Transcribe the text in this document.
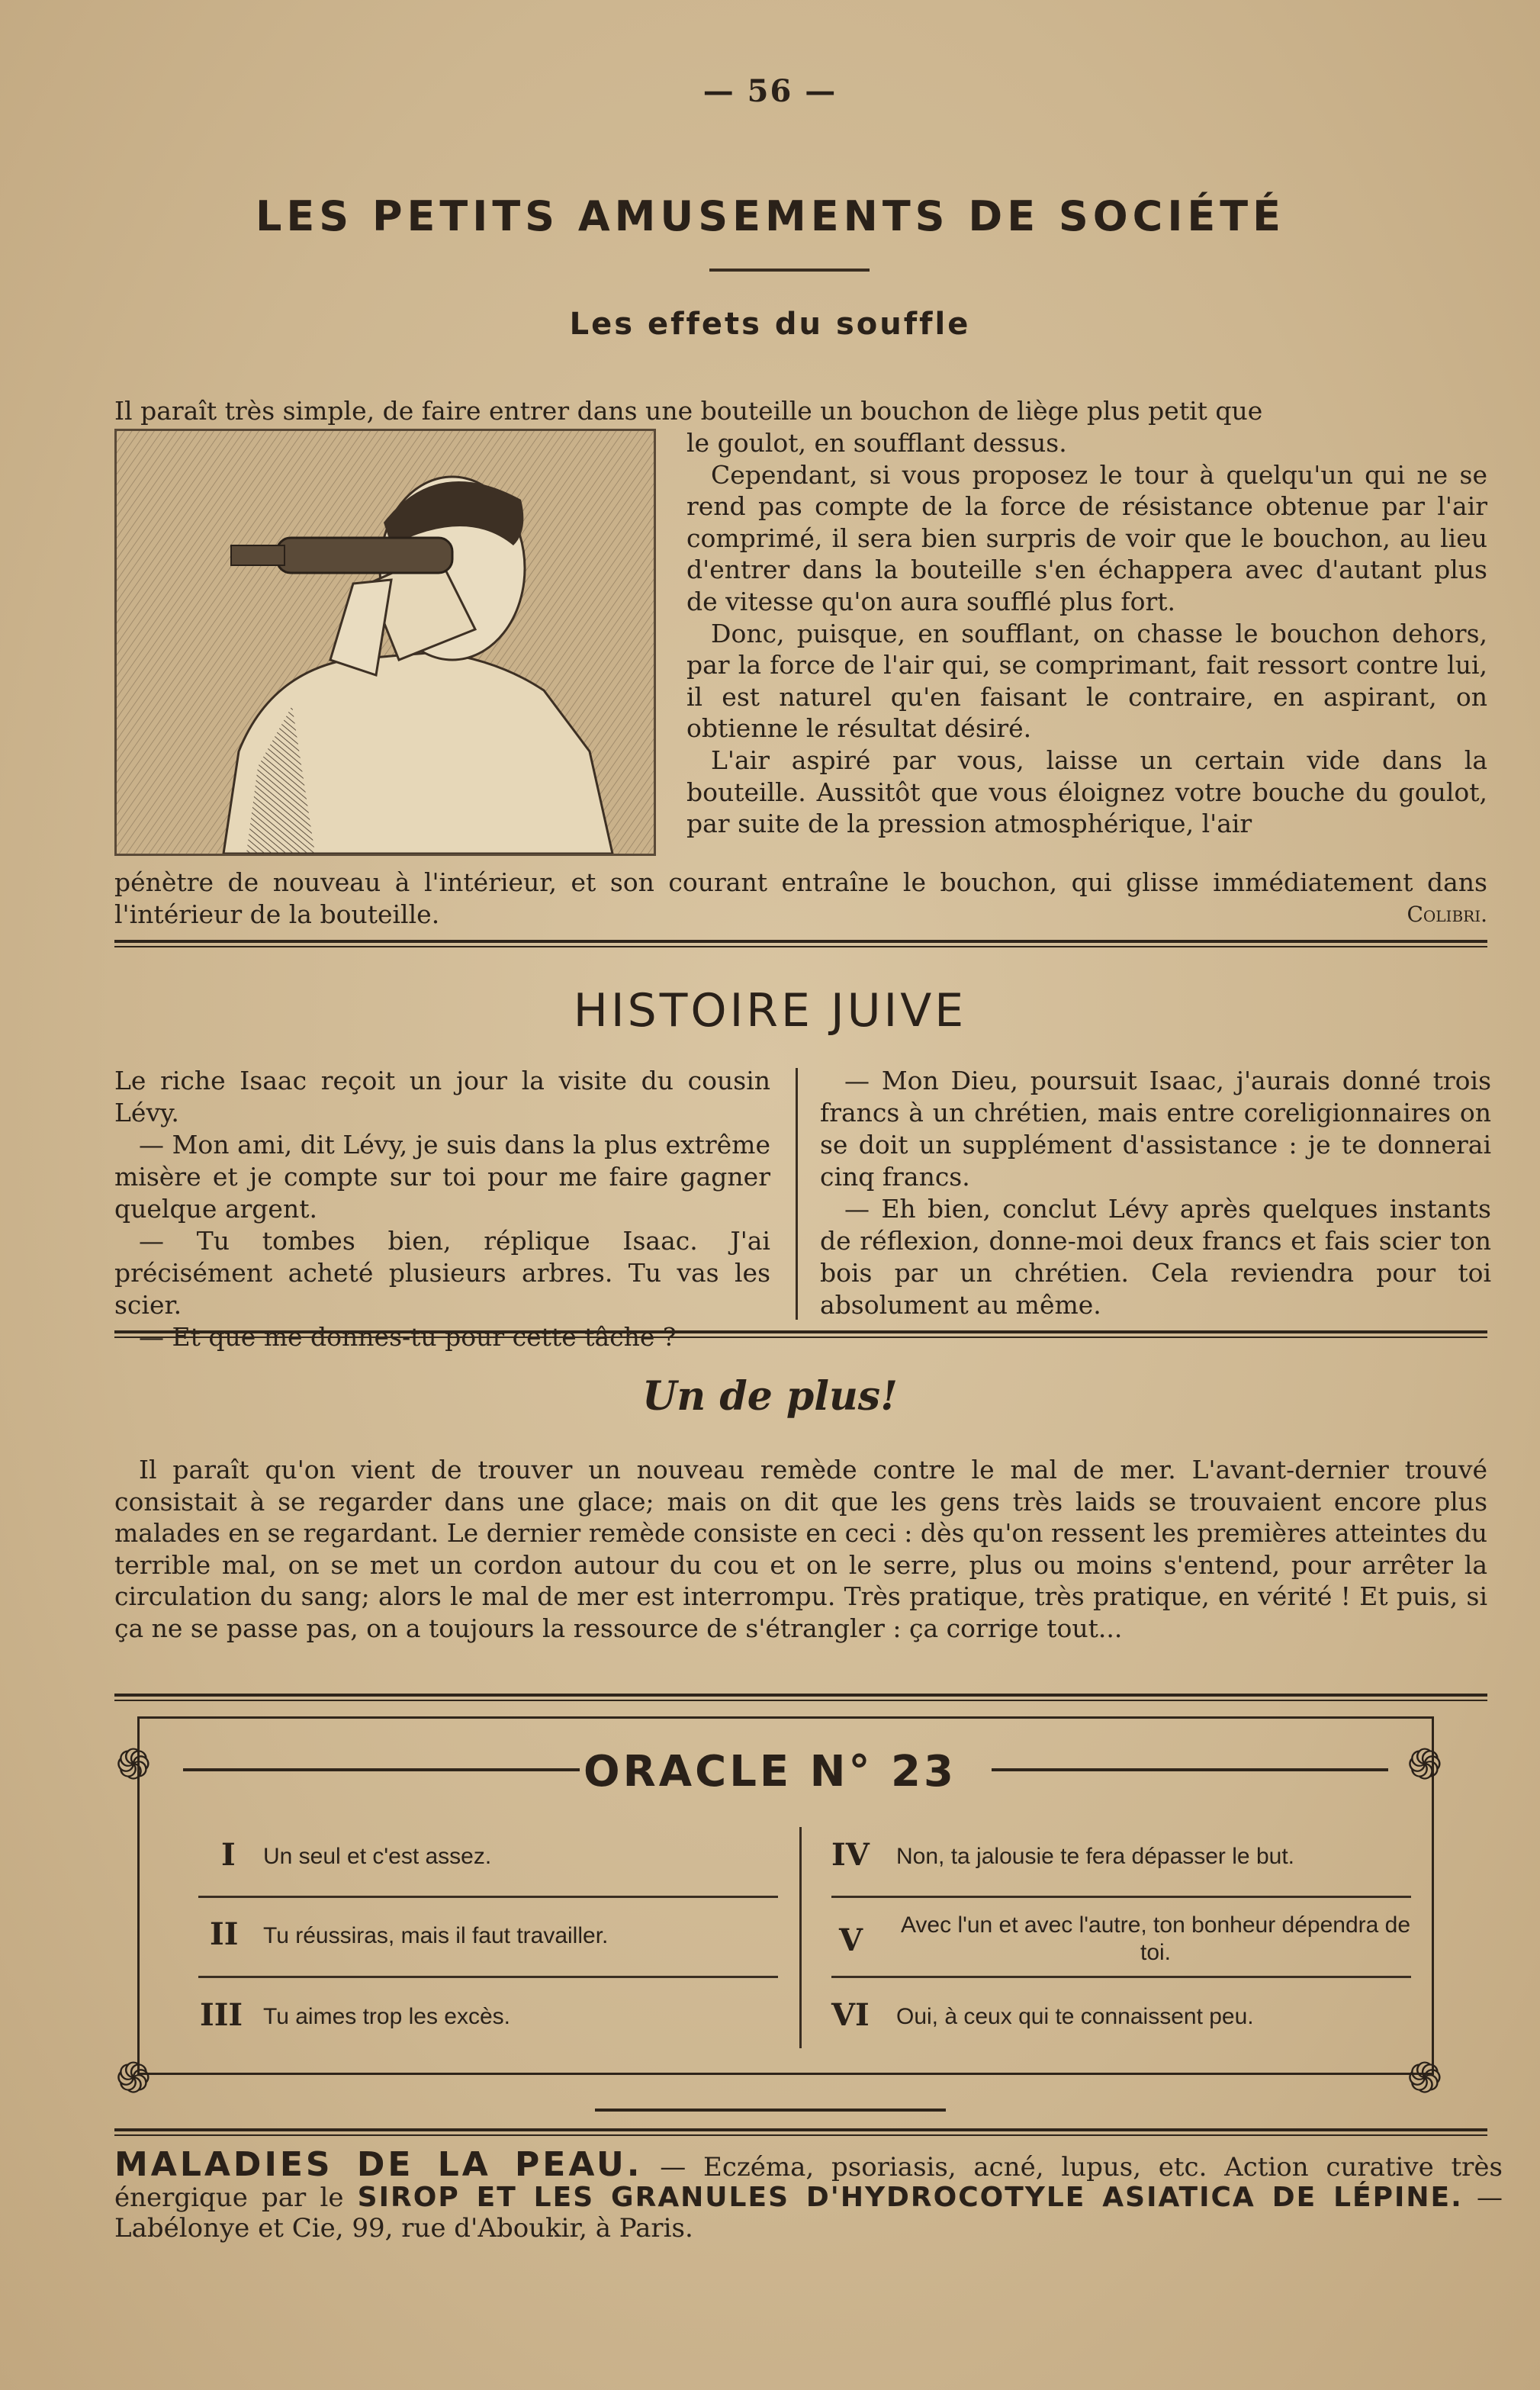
— 56 —
LES PETITS AMUSEMENTS DE SOCIÉTÉ
Les effets du souffle
Il paraît très simple, de faire entrer dans une bouteille un bouchon de liège plus petit que
le goulot, en soufflant dessus.
Cependant, si vous proposez le tour à quelqu'un qui ne se rend pas compte de la force de résistance obtenue par l'air comprimé, il sera bien surpris de voir que le bouchon, au lieu d'entrer dans la bouteille s'en échappera avec d'autant plus de vitesse qu'on aura soufflé plus fort.
Donc, puisque, en soufflant, on chasse le bouchon dehors, par la force de l'air qui, se comprimant, fait ressort contre lui, il est naturel qu'en faisant le contraire, en aspirant, on obtienne le résultat désiré.
L'air aspiré par vous, laisse un certain vide dans la bouteille. Aussitôt que vous éloignez votre bouche du goulot, par suite de la pression atmosphérique, l'air
pénètre de nouveau à l'intérieur, et son courant entraîne le bouchon, qui glisse immédiatement dans l'intérieur de la bouteille.	Colibri.
HISTOIRE JUIVE
Le riche Isaac reçoit un jour la visite du cousin Lévy.
— Mon ami, dit Lévy, je suis dans la plus extrême misère et je compte sur toi pour me faire gagner quelque argent.
— Tu tombes bien, réplique Isaac. J'ai précisément acheté plusieurs arbres. Tu vas les scier.
— Et que me donnes-tu pour cette tâche ?
— Mon Dieu, poursuit Isaac, j'aurais donné trois francs à un chrétien, mais entre coreligionnaires on se doit un supplément d'assistance : je te donnerai cinq francs.
— Eh bien, conclut Lévy après quelques instants de réflexion, donne-moi deux francs et fais scier ton bois par un chrétien. Cela reviendra pour toi absolument au même.
Un de plus!
Il paraît qu'on vient de trouver un nouveau remède contre le mal de mer. L'avant-dernier trouvé consistait à se regarder dans une glace; mais on dit que les gens très laids se trouvaient encore plus malades en se regardant. Le dernier remède consiste en ceci : dès qu'on ressent les premières atteintes du terrible mal, on se met un cordon autour du cou et on le serre, plus ou moins s'entend, pour arrêter la circulation du sang; alors le mal de mer est interrompu. Très pratique, très pratique, en vérité ! Et puis, si ça ne se passe pas, on a toujours la ressource de s'étrangler : ça corrige tout...
֍	֍
֍	֍
ORACLE N° 23
I Un seul et c'est assez.
II Tu réussiras, mais il faut travailler.
III Tu aimes trop les excès.
IV Non, ta jalousie te fera dépasser le but.
V Avec l'un et avec l'autre, ton bonheur dépendra de toi.
VI Oui, à ceux qui te connaissent peu.

MALADIES DE LA PEAU. — Eczéma, psoriasis, acné, lupus, etc. Action curative très énergique par le SIROP ET LES GRANULES D'HYDROCOTYLE ASIATICA DE LÉPINE. — Labélonye et Cie, 99, rue d'Aboukir, à Paris.
